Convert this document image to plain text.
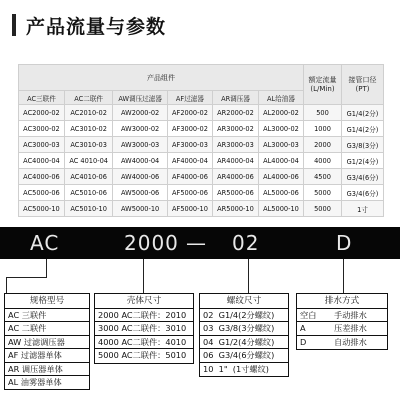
产品流量与参数
产品组件						额定流量
(L/Min)	接管口径
(PT)
AC三联件	AC二联件	AW调压过滤器	AF过滤器	AR调压器	AL给油器		
AC2000-02	AC2010-02	AW2000-02	AF2000-02	AR2000-02	AL2000-02	500	G1/4(2分)
AC3000-02	AC3010-02	AW3000-02	AF3000-02	AR3000-02	AL3000-02	1000	G1/4(2分)
AC3000-03	AC3010-03	AW3000-03	AF3000-03	AR3000-03	AL3000-03	2000	G3/8(3分)
AC4000-04	AC 4010-04	AW4000-04	AF4000-04	AR4000-04	AL4000-04	4000	G1/2(4分)
AC4000-06	AC4010-06	AW4000-06	AF4000-06	AR4000-06	AL4000-06	4500	G3/4(6分)
AC5000-06	AC5010-06	AW5000-06	AF5000-06	AR5000-06	AL5000-06	5000	G3/4(6分)
AC5000-10	AC5010-10	AW5000-10	AF5000-10	AR5000-10	AL5000-10	5000	1寸
AC	2000 — 02	D
规格型号
AC 三联件
AC 二联件
AW 过滤调压器
AF 过滤器单体
AR 调压器单体
AL 油雾器单体
壳体尺寸
2000 AC二联件：2010
3000 AC二联件：3010
4000 AC二联件：4010
5000 AC二联件：5010
螺纹尺寸
02  G1/4(2分螺纹)
03  G3/8(3分螺纹)
04  G1/2(4分螺纹)
06  G3/4(6分螺纹)
10  1"  (1寸螺纹)
排水方式
空白	手动排水
A	压差排水
D	自动排水
